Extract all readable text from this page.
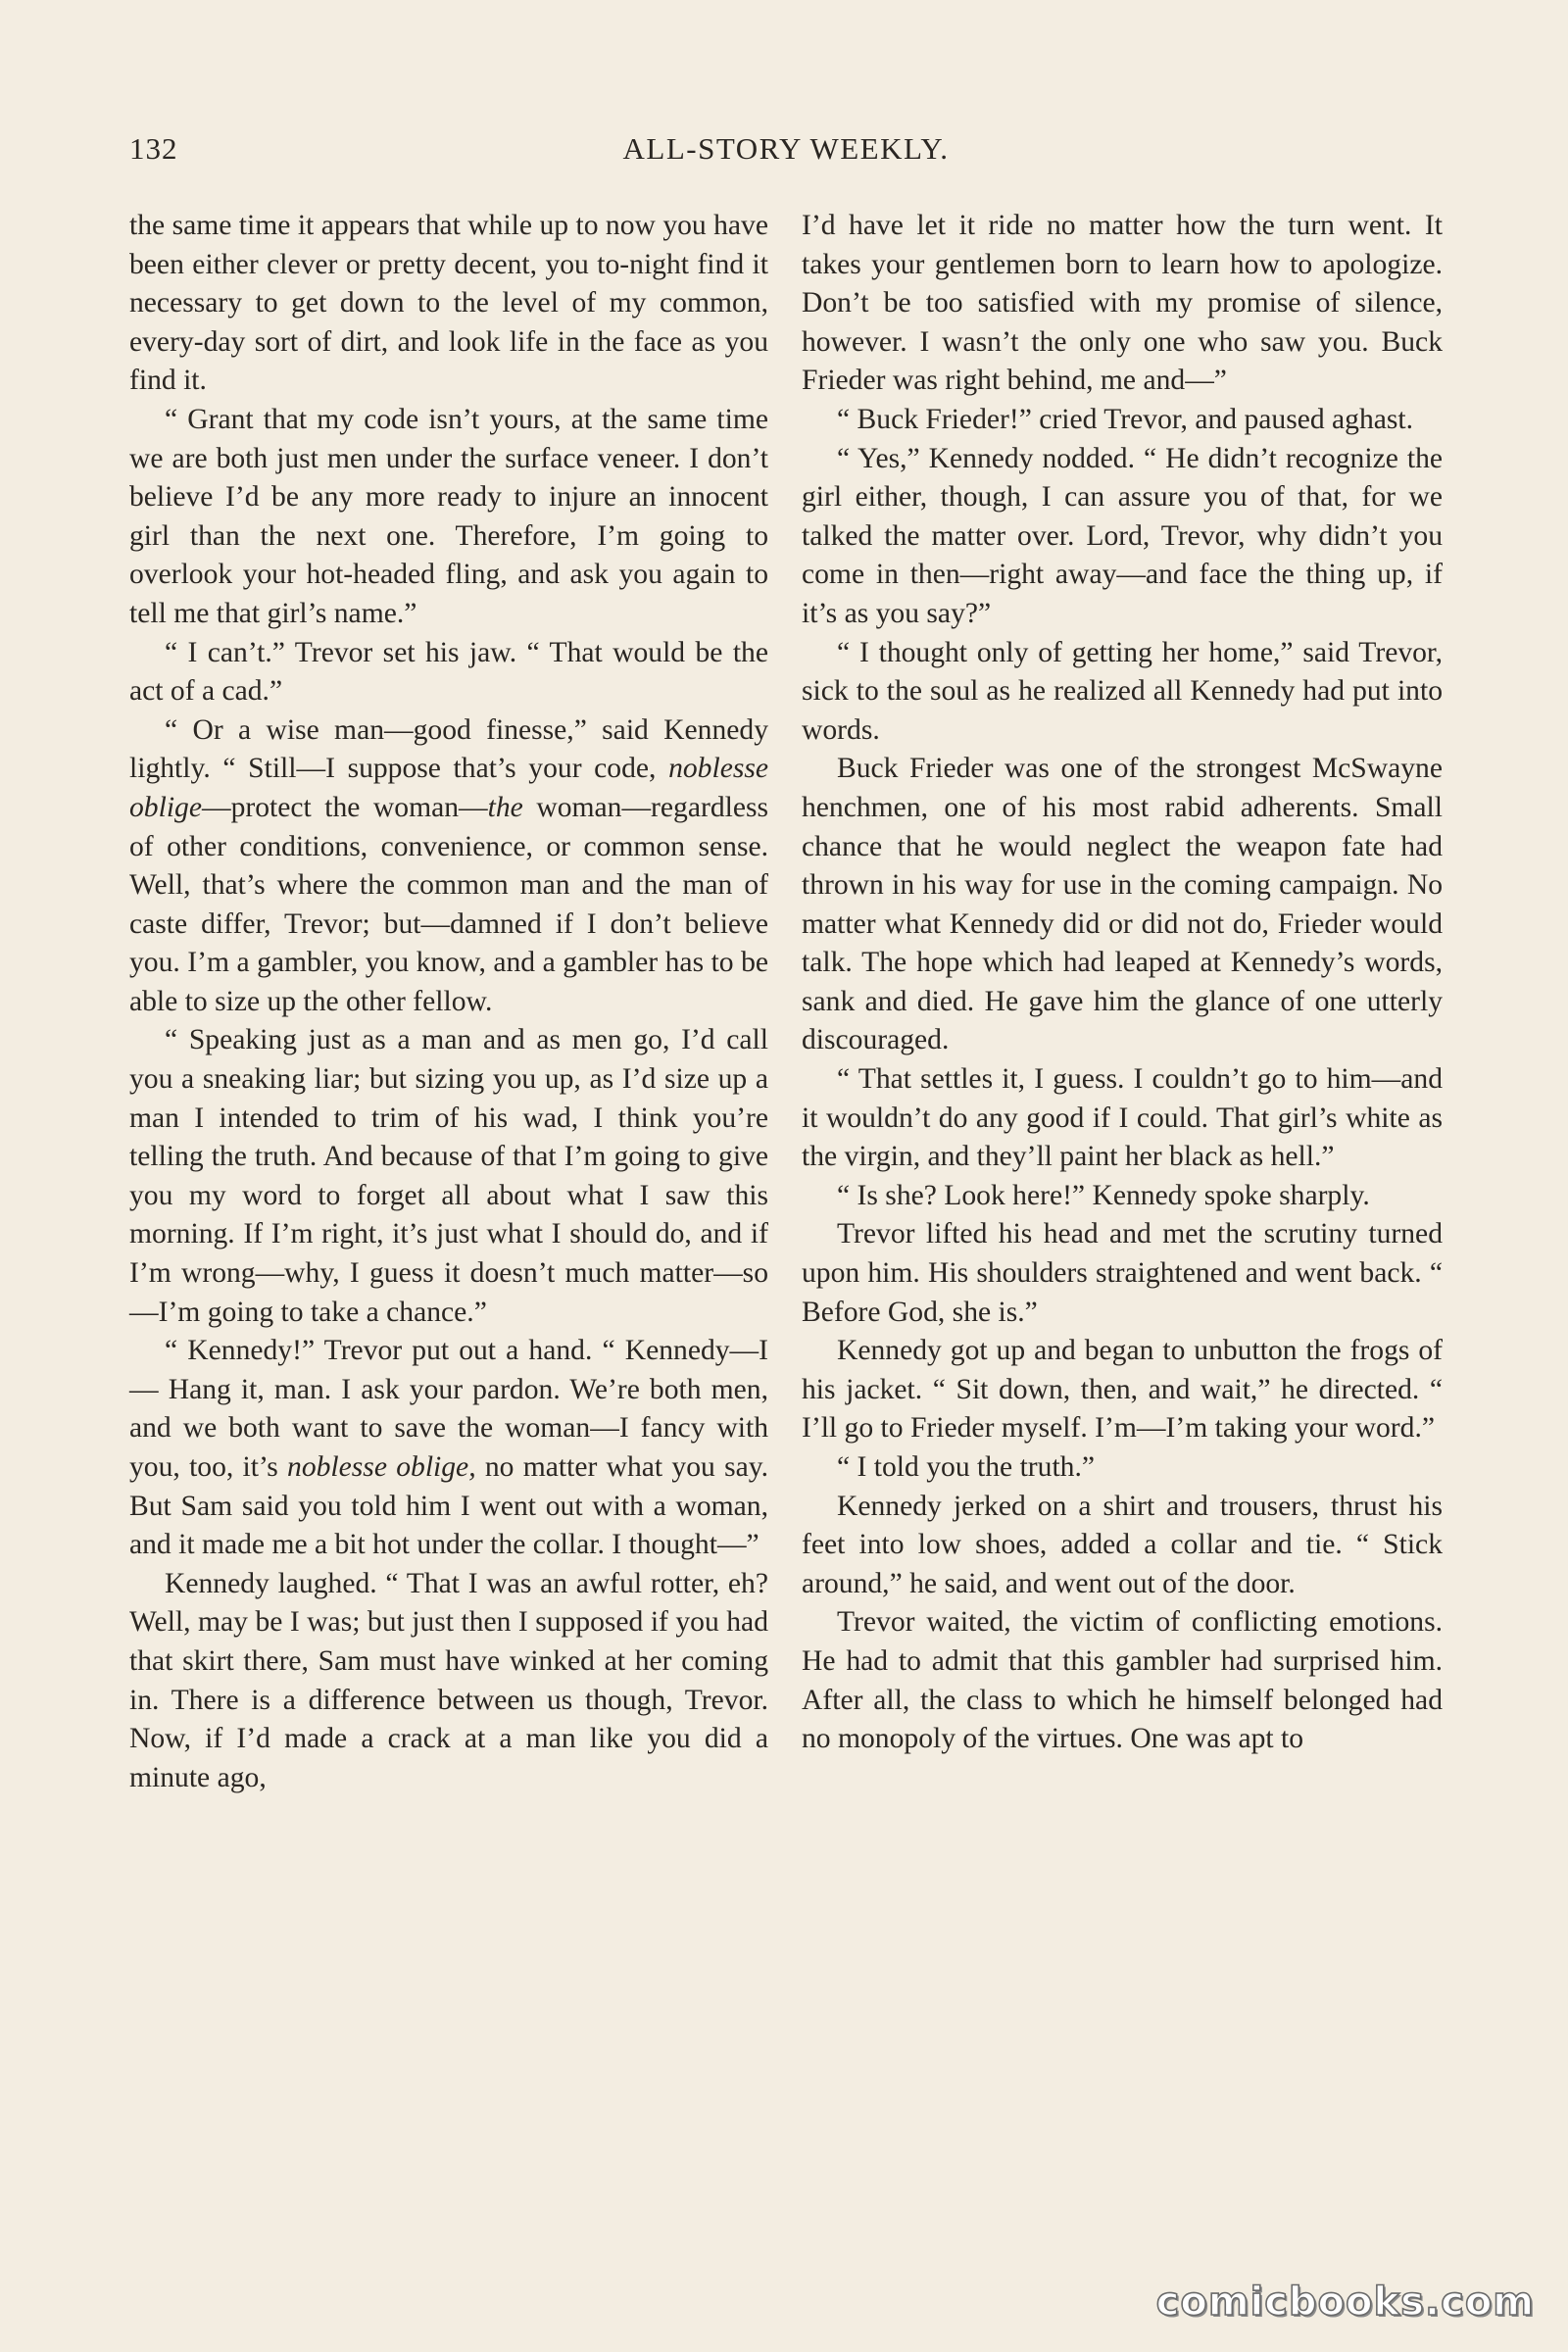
132	ALL-STORY WEEKLY.

the same time it appears that while up to now you have been either clever or pretty decent, you to-night find it necessary to get down to the level of my common, every-day sort of dirt, and look life in the face as you find it.

“ Grant that my code isn’t yours, at the same time we are both just men under the surface veneer. I don’t believe I’d be any more ready to injure an innocent girl than the next one. Therefore, I’m going to overlook your hot-headed fling, and ask you again to tell me that girl’s name.”

“ I can’t.” Trevor set his jaw. “ That would be the act of a cad.”

“ Or a wise man—good finesse,” said Kennedy lightly. “ Still—I suppose that’s your code, noblesse oblige—protect the woman—the woman—regardless of other conditions, convenience, or common sense. Well, that’s where the common man and the man of caste differ, Trevor; but—damned if I don’t believe you. I’m a gambler, you know, and a gambler has to be able to size up the other fellow.

“ Speaking just as a man and as men go, I’d call you a sneaking liar; but sizing you up, as I’d size up a man I intended to trim of his wad, I think you’re telling the truth. And because of that I’m going to give you my word to forget all about what I saw this morning. If I’m right, it’s just what I should do, and if I’m wrong—why, I guess it doesn’t much matter—so—I’m going to take a chance.”

“ Kennedy!” Trevor put out a hand. “ Kennedy—I— Hang it, man. I ask your pardon. We’re both men, and we both want to save the woman—I fancy with you, too, it’s noblesse oblige, no matter what you say. But Sam said you told him I went out with a woman, and it made me a bit hot under the collar. I thought—”

Kennedy laughed. “ That I was an awful rotter, eh? Well, may be I was; but just then I supposed if you had that skirt there, Sam must have winked at her coming in. There is a difference between us though, Trevor. Now, if I’d made a crack at a man like you did a minute ago,

I’d have let it ride no matter how the turn went. It takes your gentlemen born to learn how to apologize. Don’t be too satisfied with my promise of silence, however. I wasn’t the only one who saw you. Buck Frieder was right behind, me and—”

“ Buck Frieder!” cried Trevor, and paused aghast.

“ Yes,” Kennedy nodded. “ He didn’t recognize the girl either, though, I can assure you of that, for we talked the matter over. Lord, Trevor, why didn’t you come in then—right away—and face the thing up, if it’s as you say?”

“ I thought only of getting her home,” said Trevor, sick to the soul as he realized all Kennedy had put into words.

Buck Frieder was one of the strongest McSwayne henchmen, one of his most rabid adherents. Small chance that he would neglect the weapon fate had thrown in his way for use in the coming campaign. No matter what Kennedy did or did not do, Frieder would talk. The hope which had leaped at Kennedy’s words, sank and died. He gave him the glance of one utterly discouraged.

“ That settles it, I guess. I couldn’t go to him—and it wouldn’t do any good if I could. That girl’s white as the virgin, and they’ll paint her black as hell.”

“ Is she? Look here!” Kennedy spoke sharply.

Trevor lifted his head and met the scrutiny turned upon him. His shoulders straightened and went back. “ Before God, she is.”

Kennedy got up and began to unbutton the frogs of his jacket. “ Sit down, then, and wait,” he directed. “ I’ll go to Frieder myself. I’m—I’m taking your word.”

“ I told you the truth.”

Kennedy jerked on a shirt and trousers, thrust his feet into low shoes, added a collar and tie. “ Stick around,” he said, and went out of the door.

Trevor waited, the victim of conflicting emotions. He had to admit that this gambler had surprised him. After all, the class to which he himself belonged had no monopoly of the virtues. One was apt to

comicbooks.com
